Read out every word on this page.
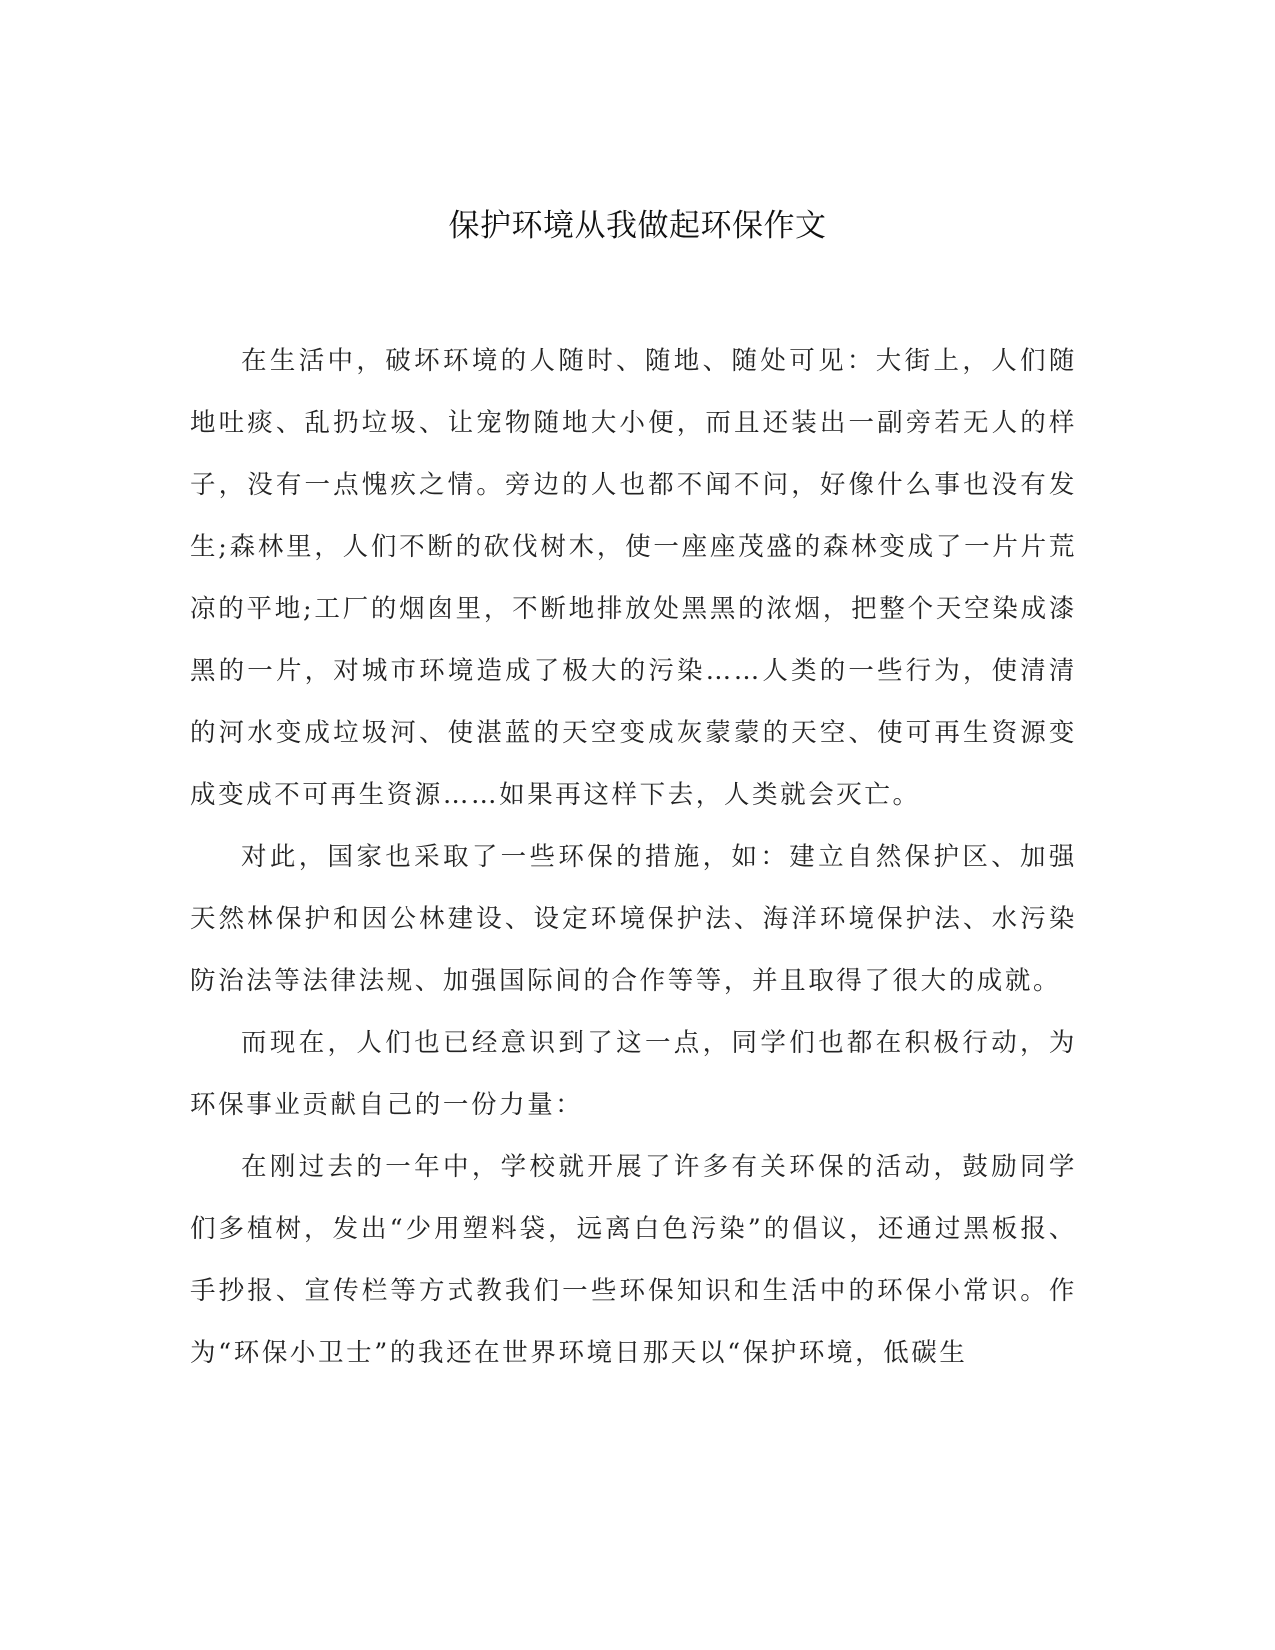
保护环境从我做起环保作文

在生活中，破坏环境的人随时、随地、随处可见：大街上，人们随地吐痰、乱扔垃圾、让宠物随地大小便，而且还装出一副旁若无人的样子，没有一点愧疚之情。旁边的人也都不闻不问，好像什么事也没有发生;森林里，人们不断的砍伐树木，使一座座茂盛的森林变成了一片片荒凉的平地;工厂的烟囱里，不断地排放处黑黑的浓烟，把整个天空染成漆黑的一片，对城市环境造成了极大的污染……人类的一些行为，使清清的河水变成垃圾河、使湛蓝的天空变成灰蒙蒙的天空、使可再生资源变成变成不可再生资源……如果再这样下去，人类就会灭亡。

对此，国家也采取了一些环保的措施，如：建立自然保护区、加强天然林保护和因公林建设、设定环境保护法、海洋环境保护法、水污染防治法等法律法规、加强国际间的合作等等，并且取得了很大的成就。

而现在，人们也已经意识到了这一点，同学们也都在积极行动，为环保事业贡献自己的一份力量：

在刚过去的一年中，学校就开展了许多有关环保的活动，鼓励同学们多植树，发出“少用塑料袋，远离白色污染”的倡议，还通过黑板报、手抄报、宣传栏等方式教我们一些环保知识和生活中的环保小常识。作为“环保小卫士”的我还在世界环境日那天以“保护环境，低碳生
